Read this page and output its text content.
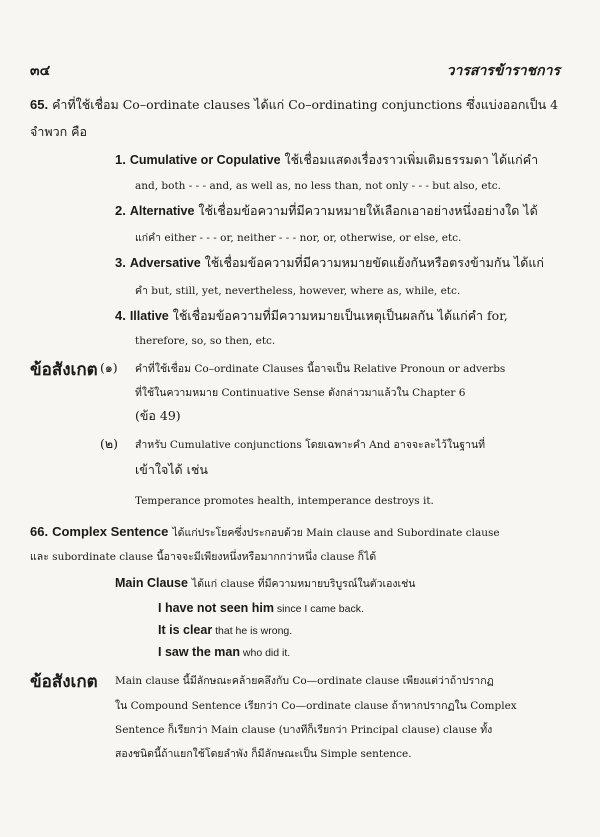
๓๔	วารสารข้าราชการ
65. คำที่ใช้เชื่อม Co–ordinate clauses ได้แก่ Co–ordinating conjunctions ซึ่งแบ่งออกเป็น 4
จำพวก คือ
1. Cumulative or Copulative ใช้เชื่อมแสดงเรื่องราวเพิ่มเติมธรรมดา ได้แก่คำ
and, both - - - and, as well as, no less than, not only - - - but also, etc.
2. Alternative ใช้เชื่อมข้อความที่มีความหมายให้เลือกเอาอย่างหนึ่งอย่างใด ได้
แก่คำ either - - - or, neither - - - nor, or, otherwise, or else, etc.
3. Adversative ใช้เชื่อมข้อความที่มีความหมายขัดแย้งกันหรือตรงข้ามกัน ได้แก่
คำ but, still, yet, nevertheless, however, where as, while, etc.
4. Illative ใช้เชื่อมข้อความที่มีความหมายเป็นเหตุเป็นผลกัน ได้แก่คำ for,
therefore, so, so then, etc.
ข้อสังเกต (๑) คำที่ใช้เชื่อม Co–ordinate Clauses นี้อาจเป็น Relative Pronoun or adverbs
ที่ใช้ในความหมาย Continuative Sense ดังกล่าวมาแล้วใน Chapter 6
(ข้อ 49)
(๒) สำหรับ Cumulative conjunctions โดยเฉพาะคำ And อาจจะละไว้ในฐานที่
เข้าใจได้ เช่น
Temperance promotes health, intemperance destroys it.
66. Complex Sentence ได้แก่ประโยคซึ่งประกอบด้วย Main clause and Subordinate clause
และ subordinate clause นี้อาจจะมีเพียงหนึ่งหรือมากกว่าหนึ่ง clause ก็ได้
Main Clause ได้แก่ clause ที่มีความหมายบริบูรณ์ในตัวเองเช่น
I have not seen him since I came back.
It is clear that he is wrong.
I saw the man who did it.
ข้อสังเกต Main clause นี้มีลักษณะคล้ายคลึงกับ Co—ordinate clause เพียงแต่ว่าถ้าปรากฏ
ใน Compound Sentence เรียกว่า Co—ordinate clause ถ้าหากปรากฏใน Complex
Sentence ก็เรียกว่า Main clause (บางทีก็เรียกว่า Principal clause) clause ทั้ง
สองชนิดนี้ถ้าแยกใช้โดยลำพัง ก็มีลักษณะเป็น Simple sentence.
